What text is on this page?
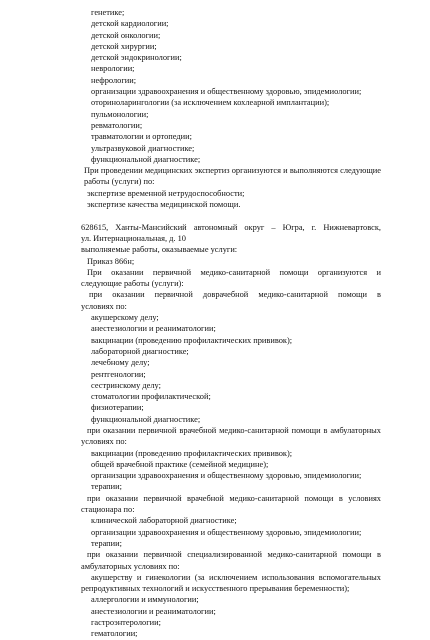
генетике;
детской кардиологии;
детской онкологии;
детской хирургии;
детской эндокринологии;
неврологии;
нефрологии;
организации здравоохранения и общественному здоровью, эпидемиологии;
оториноларингологии (за исключением кохлеарной имплантации);
пульмонологии;
ревматологии;
травматологии и ортопедии;
ультразвуковой диагностике;
функциональной диагностике;
При проведении медицинских экспертиз организуются и выполняются следующие
работы (услуги) по:
экспертизе временной нетрудоспособности;
экспертизе качества медицинской помощи.
628615, Ханты-Мансийский автономный округ – Югра, г. Нижневартовск,
ул. Интернациональная, д. 10
выполняемые работы, оказываемые услуги:
Приказ 866н;
При оказании первичной медико-санитарной помощи организуются и
следующие работы (услуги):
при оказании первичной доврачебной медико-санитарной помощи в
условиях по:
акушерскому делу;
анестезиологии и реаниматологии;
вакцинации (проведению профилактических прививок);
лабораторной диагностике;
лечебному делу;
рентгенологии;
сестринскому делу;
стоматологии профилактической;
физиотерапии;
функциональной диагностике;
при оказании первичной врачебной медико-санитарной помощи в амбулаторных
условиях по:
вакцинации (проведению профилактических прививок);
общей врачебной практике (семейной медицине);
организации здравоохранения и общественному здоровью, эпидемиологии;
терапии;
при оказании первичной врачебной медико-санитарной помощи в условиях
стационара по:
клинической лабораторной диагностике;
организации здравоохранения и общественному здоровью, эпидемиологии;
терапии;
при оказании первичной специализированной медико-санитарной помощи в
амбулаторных условиях по:
акушерству и гинекологии (за исключением использования вспомогательных
репродуктивных технологий и искусственного прерывания беременности);
аллергологии и иммунологии;
анестезиологии и реаниматологии;
гастроэнтерологии;
гематологии;
